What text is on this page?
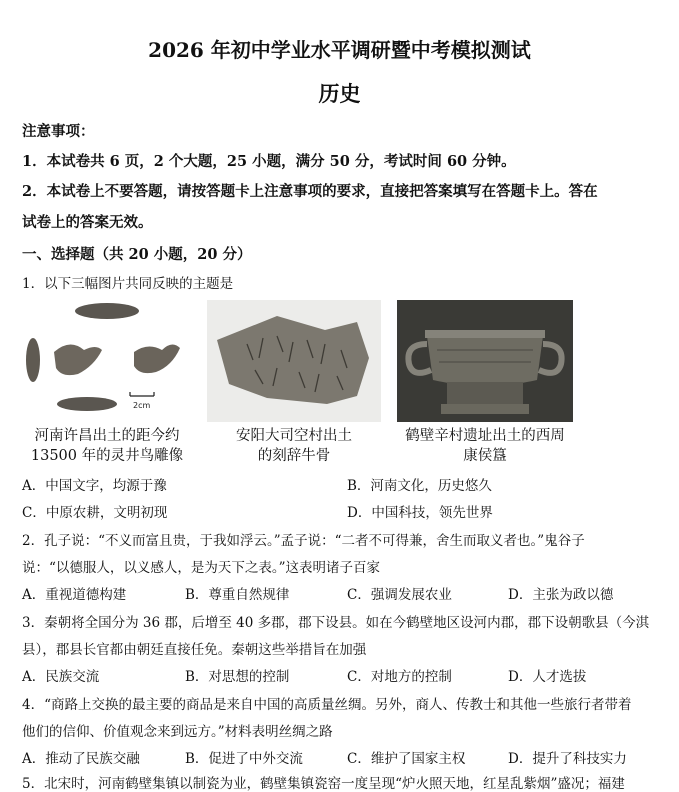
2026 年初中学业水平调研暨中考模拟测试
历史
注意事项：
1．本试卷共 6 页，2 个大题，25 小题，满分 50 分，考试时间 60 分钟。
2．本试卷上不要答题，请按答题卡上注意事项的要求，直接把答案填写在答题卡上。答在
试卷上的答案无效。
一、选择题（共 20 小题，20 分）
1．以下三幅图片共同反映的主题是
2cm
河南许昌出土的距今约
13500 年的灵井鸟雕像
安阳大司空村出土
的刻辞牛骨
鹤壁辛村遗址出土的西周
康侯簋
A．中国文字，均源于豫	B．河南文化，历史悠久
C．中原农耕，文明初现	D．中国科技，领先世界
2．孔子说：“不义而富且贵，于我如浮云。”孟子说：“二者不可得兼，舍生而取义者也。”鬼谷子
说：“以德服人，以义感人，是为天下之表。”这表明诸子百家
A．重视道德构建	B．尊重自然规律	C．强调发展农业	D．主张为政以德
3．秦朝将全国分为 36 郡，后增至 40 多郡，郡下设县。如在今鹤壁地区设河内郡，郡下设朝歌县（今淇
县），郡县长官都由朝廷直接任免。秦朝这些举措旨在加强
A．民族交流	B．对思想的控制	C．对地方的控制	D．人才选拔
4．“商路上交换的最主要的商品是来自中国的高质量丝绸。另外，商人、传教士和其他一些旅行者带着
他们的信仰、价值观念来到远方。”材料表明丝绸之路
A．推动了民族交融	B．促进了中外交流	C．维护了国家主权	D．提升了科技实力
5．北宋时，河南鹤壁集镇以制瓷为业，鹤壁集镇瓷窑一度呈现“炉火照天地，红星乱紫烟”盛况；福建
